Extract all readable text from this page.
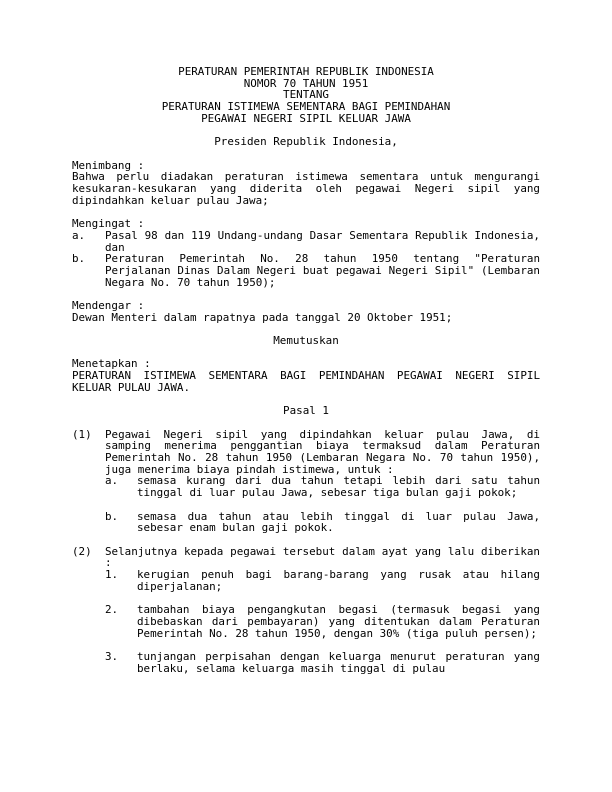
PERATURAN PEMERINTAH REPUBLIK INDONESIA
NOMOR 70 TAHUN 1951
TENTANG
PERATURAN ISTIMEWA SEMENTARA BAGI PEMINDAHAN
PEGAWAI NEGERI SIPIL KELUAR JAWA
Presiden Republik Indonesia,
Menimbang :
Bahwa perlu diadakan peraturan istimewa sementara untuk mengurangi kesukaran-kesukaran yang diderita oleh pegawai Negeri sipil yang dipindahkan keluar pulau Jawa;
Mengingat :
a.	Pasal 98 dan 119 Undang-undang Dasar Sementara Republik Indonesia, dan
b.	Peraturan Pemerintah No. 28 tahun 1950 tentang "Peraturan Perjalanan Dinas Dalam Negeri buat pegawai Negeri Sipil" (Lembaran Negara No. 70 tahun 1950);
Mendengar :
Dewan Menteri dalam rapatnya pada tanggal 20 Oktober 1951;
Memutuskan
Menetapkan :
PERATURAN ISTIMEWA SEMENTARA BAGI PEMINDAHAN PEGAWAI NEGERI SIPIL KELUAR PULAU JAWA.
Pasal 1
(1)	Pegawai Negeri sipil yang dipindahkan keluar pulau Jawa, di samping menerima penggantian biaya termaksud dalam Peraturan Pemerintah No. 28 tahun 1950 (Lembaran Negara No. 70 tahun 1950), juga menerima biaya pindah istimewa, untuk :
a.	semasa kurang dari dua tahun tetapi lebih dari satu tahun tinggal di luar pulau Jawa, sebesar tiga bulan gaji pokok;
b.	semasa dua tahun atau lebih tinggal di luar pulau Jawa, sebesar enam bulan gaji pokok.
(2)	Selanjutnya kepada pegawai tersebut dalam ayat yang lalu diberikan :
1.	kerugian penuh bagi barang-barang yang rusak atau hilang diperjalanan;
2.	tambahan biaya pengangkutan begasi (termasuk begasi yang dibebaskan dari pembayaran) yang ditentukan dalam Peraturan Pemerintah No. 28 tahun 1950, dengan 30% (tiga puluh persen);
3.	tunjangan perpisahan dengan keluarga menurut peraturan yang berlaku, selama keluarga masih tinggal di pulau
